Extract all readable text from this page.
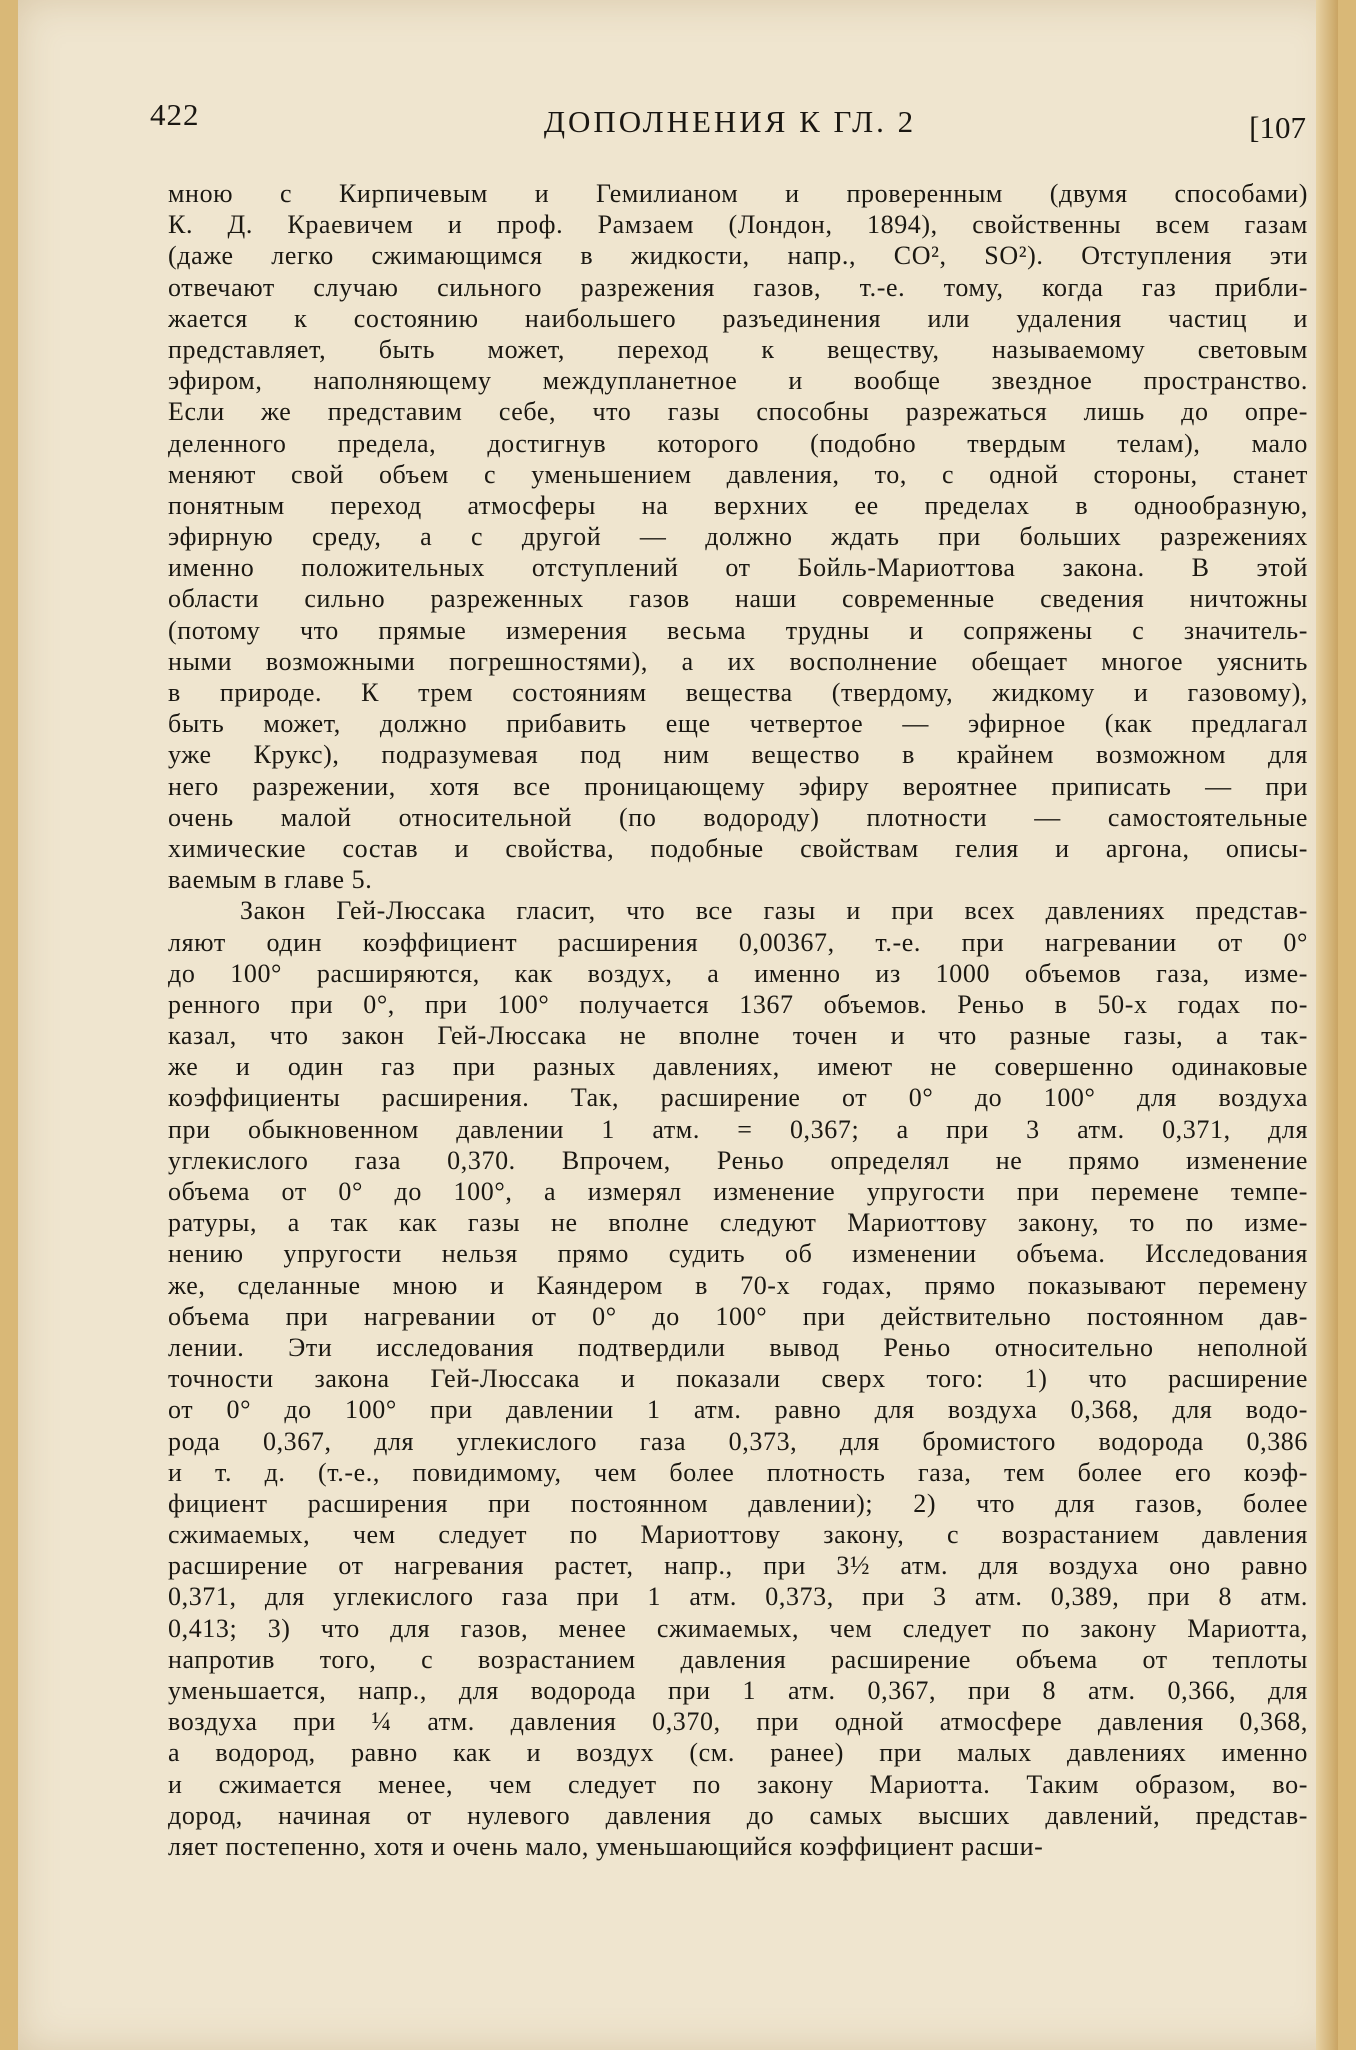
422	ДОПОЛНЕНИЯ К ГЛ. 2	[107
мною с Кирпичевым и Гемилианом и проверенным (двумя способами)
К. Д. Краевичем и проф. Рамзаем (Лондон, 1894), свойственны всем газам
(даже легко сжимающимся в жидкости, напр., CO², SO²). Отступления эти
отвечают случаю сильного разрежения газов, т.-е. тому, когда газ прибли-
жается к состоянию наибольшего разъединения или удаления частиц и
представляет, быть может, переход к веществу, называемому световым
эфиром, наполняющему междупланетное и вообще звездное пространство.
Если же представим себе, что газы способны разрежаться лишь до опре-
деленного предела, достигнув которого (подобно твердым телам), мало
меняют свой объем с уменьшением давления, то, с одной стороны, станет
понятным переход атмосферы на верхних ее пределах в однообразную,
эфирную среду, а с другой — должно ждать при больших разрежениях
именно положительных отступлений от Бойль-Мариоттова закона. В этой
области сильно разреженных газов наши современные сведения ничтожны
(потому что прямые измерения весьма трудны и сопряжены с значитель-
ными возможными погрешностями), а их восполнение обещает многое уяснить
в природе. К трем состояниям вещества (твердому, жидкому и газовому),
быть может, должно прибавить еще четвертое — эфирное (как предлагал
уже Крукс), подразумевая под ним вещество в крайнем возможном для
него разрежении, хотя все проницающему эфиру вероятнее приписать — при
очень малой относительной (по водороду) плотности — самостоятельные
химические состав и свойства, подобные свойствам гелия и аргона, описы-
ваемым в главе 5.
Закон Гей-Люссака гласит, что все газы и при всех давлениях представ-
ляют один коэффициент расширения 0,00367, т.-е. при нагревании от 0°
до 100° расширяются, как воздух, а именно из 1000 объемов газа, изме-
ренного при 0°, при 100° получается 1367 объемов. Реньо в 50-х годах по-
казал, что закон Гей-Люссака не вполне точен и что разные газы, а так-
же и один газ при разных давлениях, имеют не совершенно одинаковые
коэффициенты расширения. Так, расширение от 0° до 100° для воздуха
при обыкновенном давлении 1 атм. = 0,367; а при 3 атм. 0,371, для
углекислого газа 0,370. Впрочем, Реньо определял не прямо изменение
объема от 0° до 100°, а измерял изменение упругости при перемене темпе-
ратуры, а так как газы не вполне следуют Мариоттову закону, то по изме-
нению упругости нельзя прямо судить об изменении объема. Исследования
же, сделанные мною и Каяндером в 70-х годах, прямо показывают перемену
объема при нагревании от 0° до 100° при действительно постоянном дав-
лении. Эти исследования подтвердили вывод Реньо относительно неполной
точности закона Гей-Люссака и показали сверх того: 1) что расширение
от 0° до 100° при давлении 1 атм. равно для воздуха 0,368, для водо-
рода 0,367, для углекислого газа 0,373, для бромистого водорода 0,386
и т. д. (т.-е., повидимому, чем более плотность газа, тем более его коэф-
фициент расширения при постоянном давлении); 2) что для газов, более
сжимаемых, чем следует по Мариоттову закону, с возрастанием давления
расширение от нагревания растет, напр., при 3½ атм. для воздуха оно равно
0,371, для углекислого газа при 1 атм. 0,373, при 3 атм. 0,389, при 8 атм.
0,413; 3) что для газов, менее сжимаемых, чем следует по закону Мариотта,
напротив того, с возрастанием давления расширение объема от теплоты
уменьшается, напр., для водорода при 1 атм. 0,367, при 8 атм. 0,366, для
воздуха при ¼ атм. давления 0,370, при одной атмосфере давления 0,368,
а водород, равно как и воздух (см. ранее) при малых давлениях именно
и сжимается менее, чем следует по закону Мариотта. Таким образом, во-
дород, начиная от нулевого давления до самых высших давлений, представ-
ляет постепенно, хотя и очень мало, уменьшающийся коэффициент расши-
